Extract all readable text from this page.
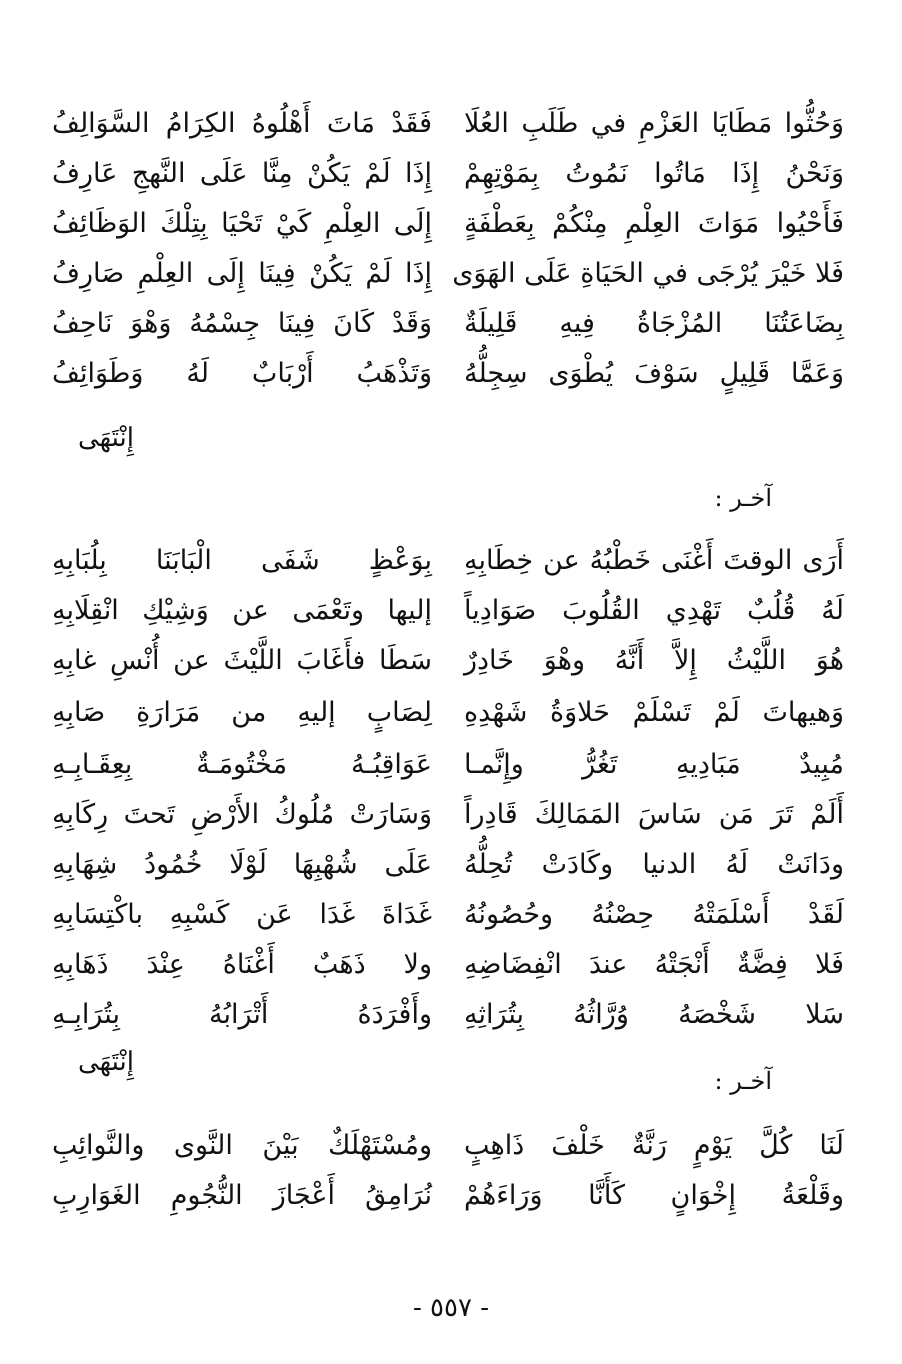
وَحُثُّوا مَطَايَا العَزْمِ في طَلَبِ العُلَا
فَقَدْ مَاتَ أَهْلُوهُ الكِرَامُ السَّوَالِفُ
وَنَحْنُ إِذَا مَاتُوا نَمُوتُ بِمَوْتِهِمْ
إِذَا لَمْ يَكُنْ مِنَّا عَلَى النَّهجِ عَارِفُ
فَأَحْيُوا مَوَاتَ العِلْمِ مِنْكُمْ بِعَطْفَةٍ
إِلَى العِلْمِ كَيْ تَحْيَا بِتِلْكَ الوَظَائِفُ
فَلا خَيْرَ يُرْجَى في الحَيَاةِ عَلَى الهَوَى
إِذَا لَمْ يَكُنْ فِينَا إِلَى العِلْمِ صَارِفُ
بِضَاعَتُنَا المُزْجَاةُ فِيهِ قَلِيلَةٌ
وَقَدْ كَانَ فِينَا جِسْمُهُ وَهْوَ نَاحِفُ
وَعَمَّا قَلِيلٍ سَوْفَ يُطْوَى سِجِلُّهُ
وَتَذْهَبُ أَرْبَابٌ لَهُ وَطَوَائِفُ
إِنْتَهَى
آخـر :
أَرَى الوقتَ أَغْنَى خَطْبُهُ عن خِطَابِهِ
بِوَعْظٍ شَفَى الْبَابَنَا بِلُبَابِهِ
لَهُ قُلُبٌ تَهْدِي القُلُوبَ صَوَادِياً
إليها وتَعْمَى عن وَشِيْكِ انْقِلَابِهِ
هُوَ اللَّيْثُ إِلاَّ أَنَّهُ وهْوَ خَادِرٌ
سَطَا فأَغَابَ اللَّيْثَ عن أُنْسِ غابِهِ
وَهيهاتَ لَمْ تَسْلَمْ حَلاوَةُ شَهْدِهِ
لِصَابٍ إليهِ من مَرَارَةِ صَابِهِ
مُبِيدٌ مَبَادِيهِ تَغُرُّ وإِنَّمـا
عَوَاقِبُـهُ مَخْتُومَـةٌ بِعِقَـابِـهِ
أَلَمْ تَرَ مَن سَاسَ المَمَالِكَ قَادِراً
وَسَارَتْ مُلُوكُ الأَرْضِ تَحتَ رِكَابِهِ
ودَانَتْ لَهُ الدنيا وكَادَتْ تُحِلُّهُ
عَلَى شُهْبِهَا لَوْلَا خُمُودُ شِهَابِهِ
لَقَدْ أَسْلَمَتْهُ حِصْنُهُ وحُصُونُهُ
غَدَاةَ غَدَا عَن كَسْبِهِ باكْتِسَابِهِ
فَلا فِضَّةٌ أَنْجَتْهُ عندَ انْفِضَاضِهِ
ولا ذَهَبٌ أَغْنَاهُ عِنْدَ ذَهَابِهِ
سَلا شَخْصَهُ وُرَّاثُهُ بِتُرَاثِهِ
وأَفْرَدَهُ أَتْرَابُهُ بِتُرَابِـهِ
إِنْتَهَى
آخـر :
لَنَا كُلَّ يَوْمٍ رَنَّةٌ خَلْفَ ذَاهِبٍ
ومُسْتَهْلَكٌ بَيْنَ النَّوى والنَّوائِبِ
وقَلْعَةُ إِخْوَانٍ كَأَنَّا وَرَاءَهُمْ
نُرَامِقُ أَعْجَازَ النُّجُومِ الغَوَارِبِ
- ٥٥٧ -
